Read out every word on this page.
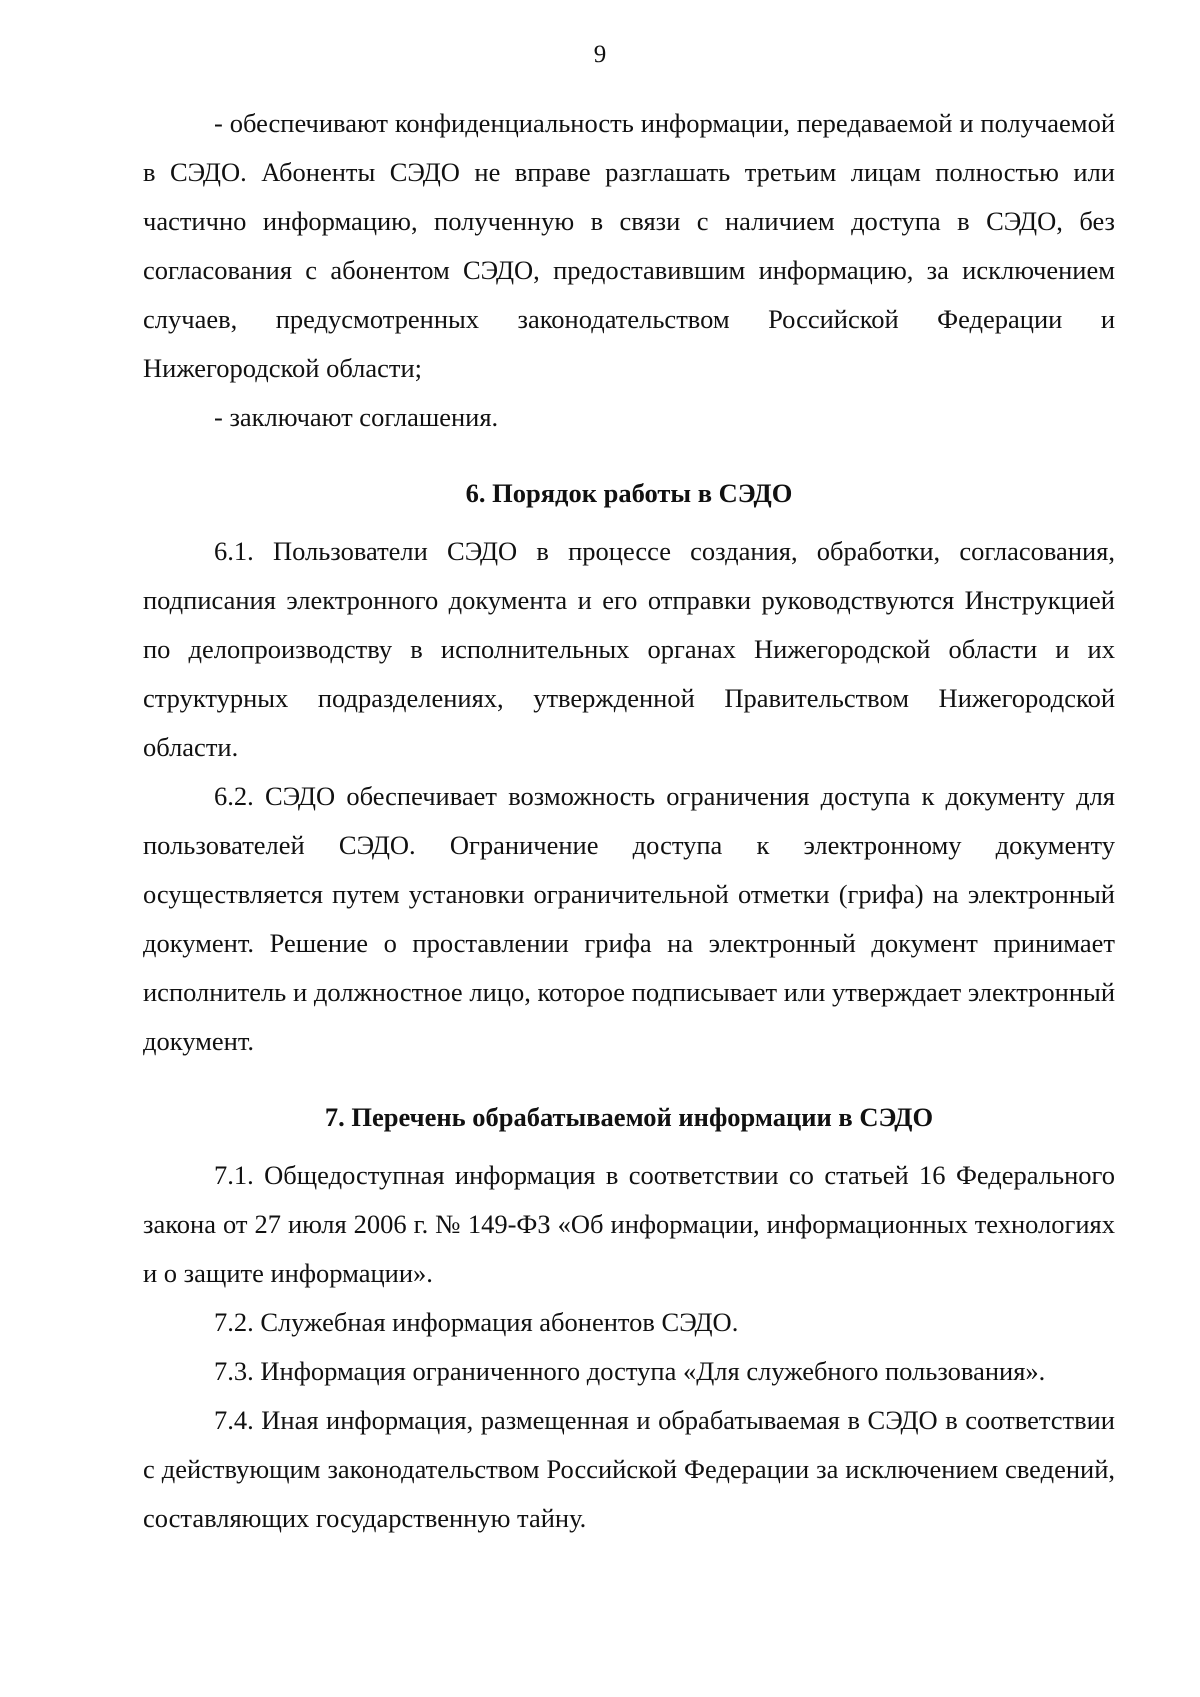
9

- обеспечивают конфиденциальность информации, передаваемой и получаемой в СЭДО. Абоненты СЭДО не вправе разглашать третьим лицам полностью или частично информацию, полученную в связи с наличием доступа в СЭДО, без согласования с абонентом СЭДО, предоставившим информацию, за исключением случаев, предусмотренных законодательством Российской Федерации и Нижегородской области;

- заключают соглашения.

6. Порядок работы в СЭДО

6.1. Пользователи СЭДО в процессе создания, обработки, согласования, подписания электронного документа и его отправки руководствуются Инструкцией по делопроизводству в исполнительных органах Нижегородской области и их структурных подразделениях, утвержденной Правительством Нижегородской области.

6.2. СЭДО обеспечивает возможность ограничения доступа к документу для пользователей СЭДО. Ограничение доступа к электронному документу осуществляется путем установки ограничительной отметки (грифа) на электронный документ. Решение о проставлении грифа на электронный документ принимает исполнитель и должностное лицо, которое подписывает или утверждает электронный документ.

7. Перечень обрабатываемой информации в СЭДО

7.1. Общедоступная информация в соответствии со статьей 16 Федерального закона от 27 июля 2006 г. № 149-ФЗ «Об информации, информационных технологиях и о защите информации».

7.2. Служебная информация абонентов СЭДО.

7.3. Информация ограниченного доступа «Для служебного пользования».

7.4. Иная информация, размещенная и обрабатываемая в СЭДО в соответствии с действующим законодательством Российской Федерации за исключением сведений, составляющих государственную тайну.
